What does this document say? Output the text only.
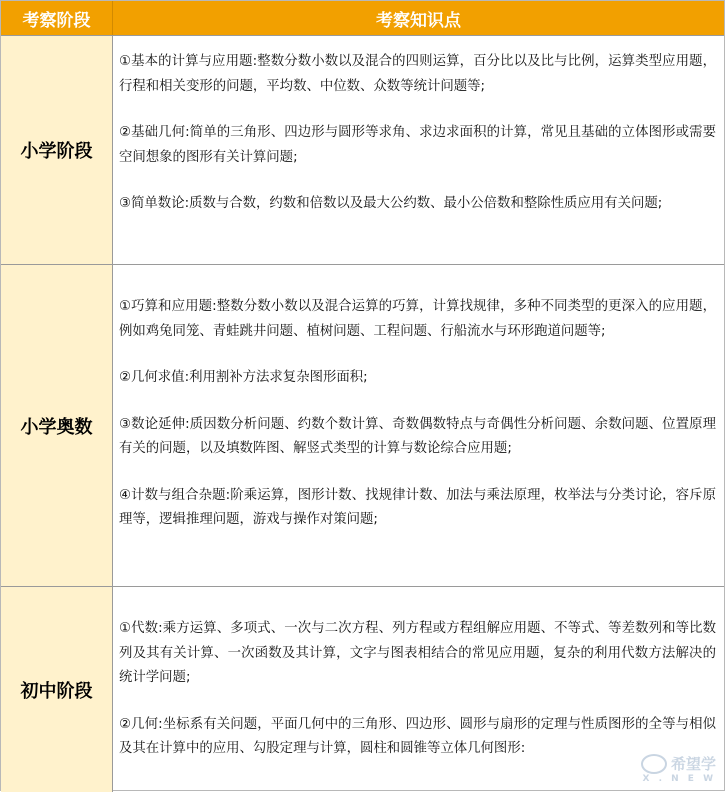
考察阶段	考察知识点
小学阶段

①基本的计算与应用题:整数分数小数以及混合的四则运算，百分比以及比与比例，运算类型应用题，行程和相关变形的问题，平均数、中位数、众数等统计问题等;

②基础几何:简单的三角形、四边形与圆形等求角、求边求面积的计算，常见且基础的立体图形或需要空间想象的图形有关计算问题;

③简单数论:质数与合数，约数和倍数以及最大公约数、最小公倍数和整除性质应用有关问题;

小学奥数

①巧算和应用题:整数分数小数以及混合运算的巧算，计算找规律，多种不同类型的更深入的应用题，例如鸡兔同笼、青蛙跳井问题、植树问题、工程问题、行船流水与环形跑道问题等;

②几何求值:利用割补方法求复杂图形面积;

③数论延伸:质因数分析问题、约数个数计算、奇数偶数特点与奇偶性分析问题、余数问题、位置原理有关的问题，以及填数阵图、解竖式类型的计算与数论综合应用题;

④计数与组合杂题:阶乘运算，图形计数、找规律计数、加法与乘法原理，枚举法与分类讨论，容斥原理等，逻辑推理问题，游戏与操作对策问题;

初中阶段

①代数:乘方运算、多项式、一次与二次方程、列方程或方程组解应用题、不等式、等差数列和等比数列及其有关计算、一次函数及其计算，文字与图表相结合的常见应用题，复杂的利用代数方法解决的统计学问题;

②几何:坐标系有关问题，平面几何中的三角形、四边形、圆形与扇形的定理与性质图形的全等与相似及其在计算中的应用、勾股定理与计算，圆柱和圆锥等立体几何图形:

希望学
X . N E W
